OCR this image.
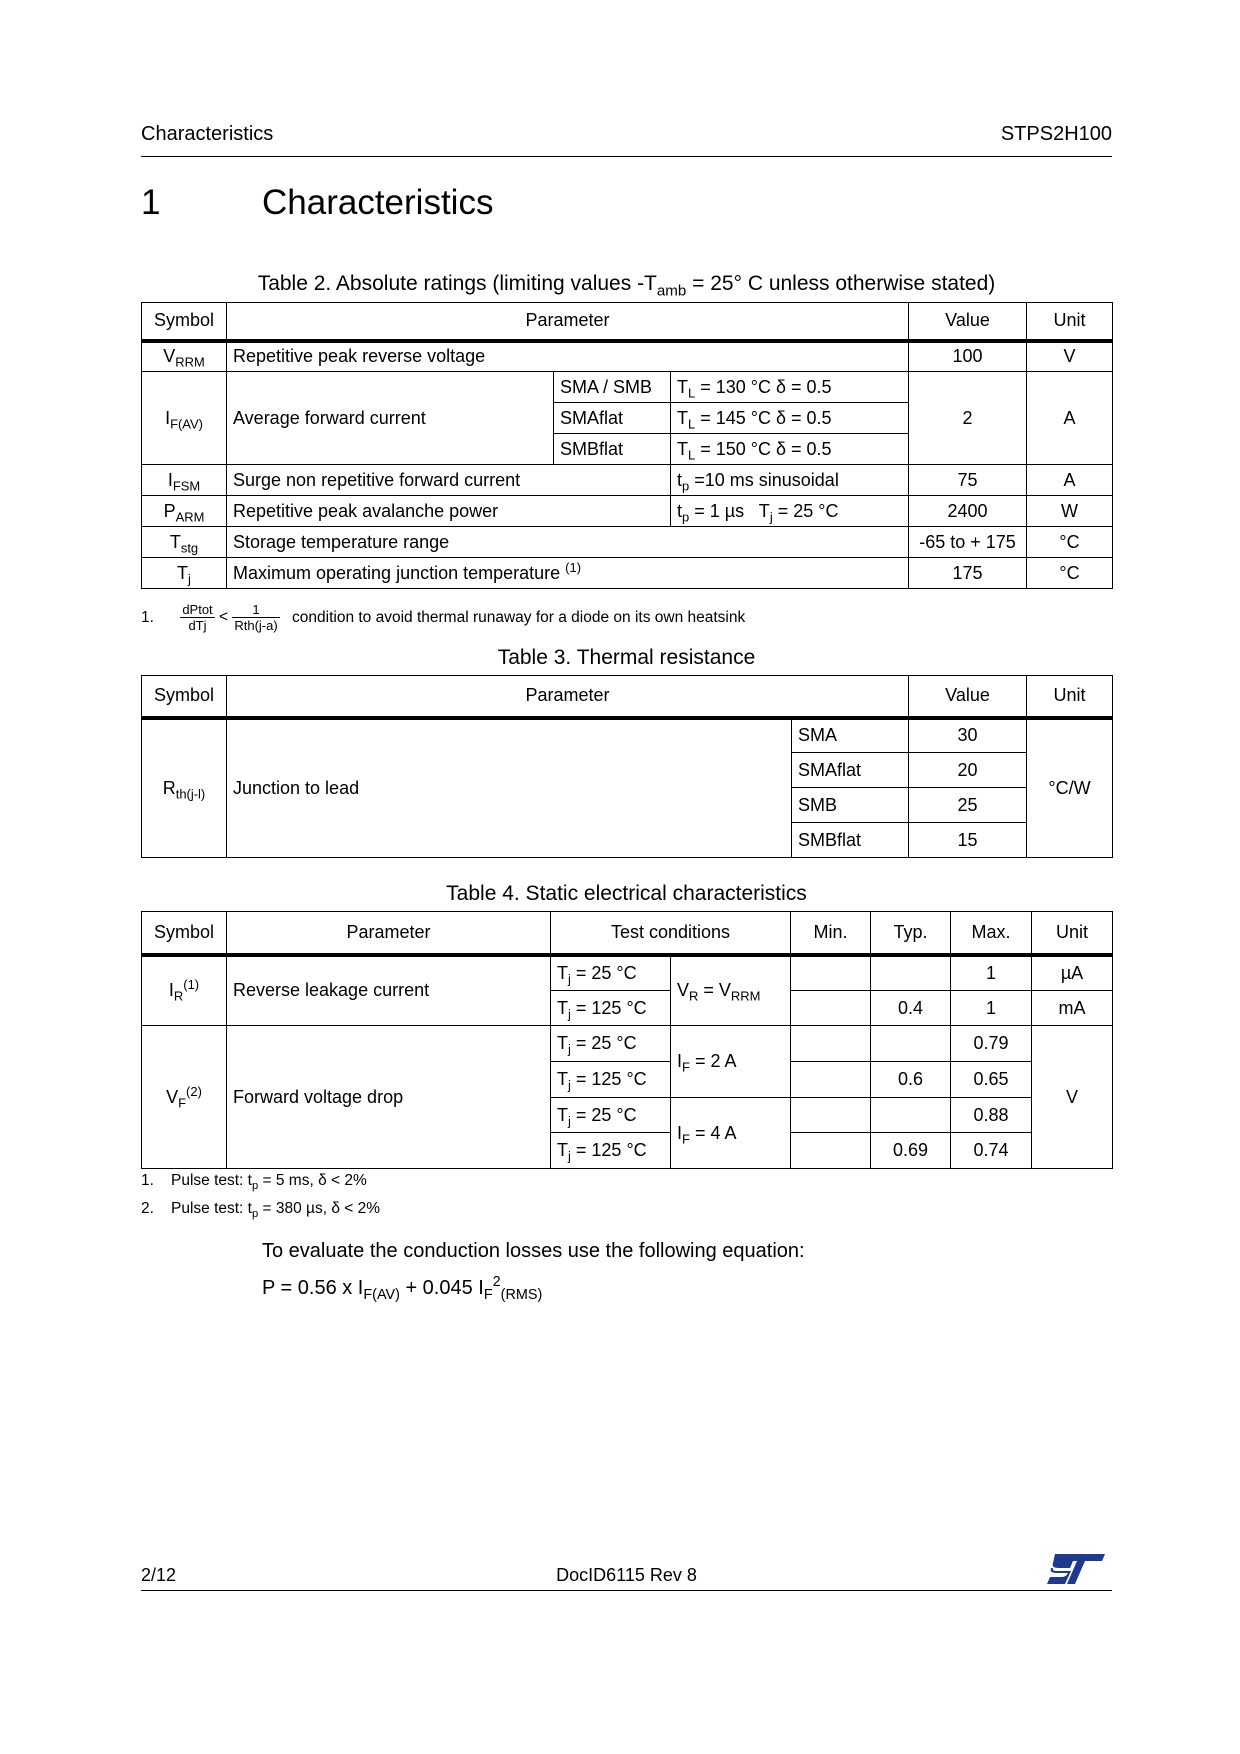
Characteristics	STPS2H100
1	Characteristics
Table 2. Absolute ratings (limiting values $-T_{amb} = 25^\circ$ C unless otherwise stated)
Symbol	Parameter			Value	Unit
$V_{RRM}$	Repetitive peak reverse voltage			100	V
$I_{F(AV)}$	Average forward current	SMA / SMB	$T_L = 130$ °C δ = 0.5	2	A
		SMAflat	$T_L = 145$ °C δ = 0.5		
		SMBflat	$T_L = 150$ °C δ = 0.5		
$I_{FSM}$	Surge non repetitive forward current		$t_p =10$ ms sinusoidal	75	A
$P_{ARM}$	Repetitive peak avalanche power		$t_p = 1$ µs   $T_j = 25$ °C	2400	W
$T_{stg}$	Storage temperature range			-65 to + 175	°C
$T_j$	Maximum operating junction temperature $^{(1)}$			175	°C
1. $\frac{\text{dPtot}}{\text{dTj}} < \frac{1}{\text{Rth(j-a)}}$ condition to avoid thermal runaway for a diode on its own heatsink
Table 3. Thermal resistance
Symbol	Parameter		Value	Unit
$R_{th(j-l)}$	Junction to lead	SMA	30	°C/W
		SMAflat	20	
		SMB	25	
		SMBflat	15	
Table 4. Static electrical characteristics
Symbol	Parameter	Test conditions		Min.	Typ.	Max.	Unit
$I_R^{(1)}$	Reverse leakage current	$T_j = 25$ °C	$V_R = V_{RRM}$			1	µA
		$T_j = 125$ °C			0.4	1	mA
$V_F^{(2)}$	Forward voltage drop	$T_j = 25$ °C	$I_F = 2$ A			0.79	V
		$T_j = 125$ °C			0.6	0.65	
		$T_j = 25$ °C	$I_F = 4$ A			0.88	
		$T_j = 125$ °C			0.69	0.74	
1. Pulse test: $t_p = 5$ ms, δ < 2%
2. Pulse test: $t_p = 380$ µs, δ < 2%
To evaluate the conduction losses use the following equation:
P = 0.56 x $I_{F(AV)} + 0.045$ $I_F^2_{(RMS)}$
2/12	DocID6115 Rev 8
